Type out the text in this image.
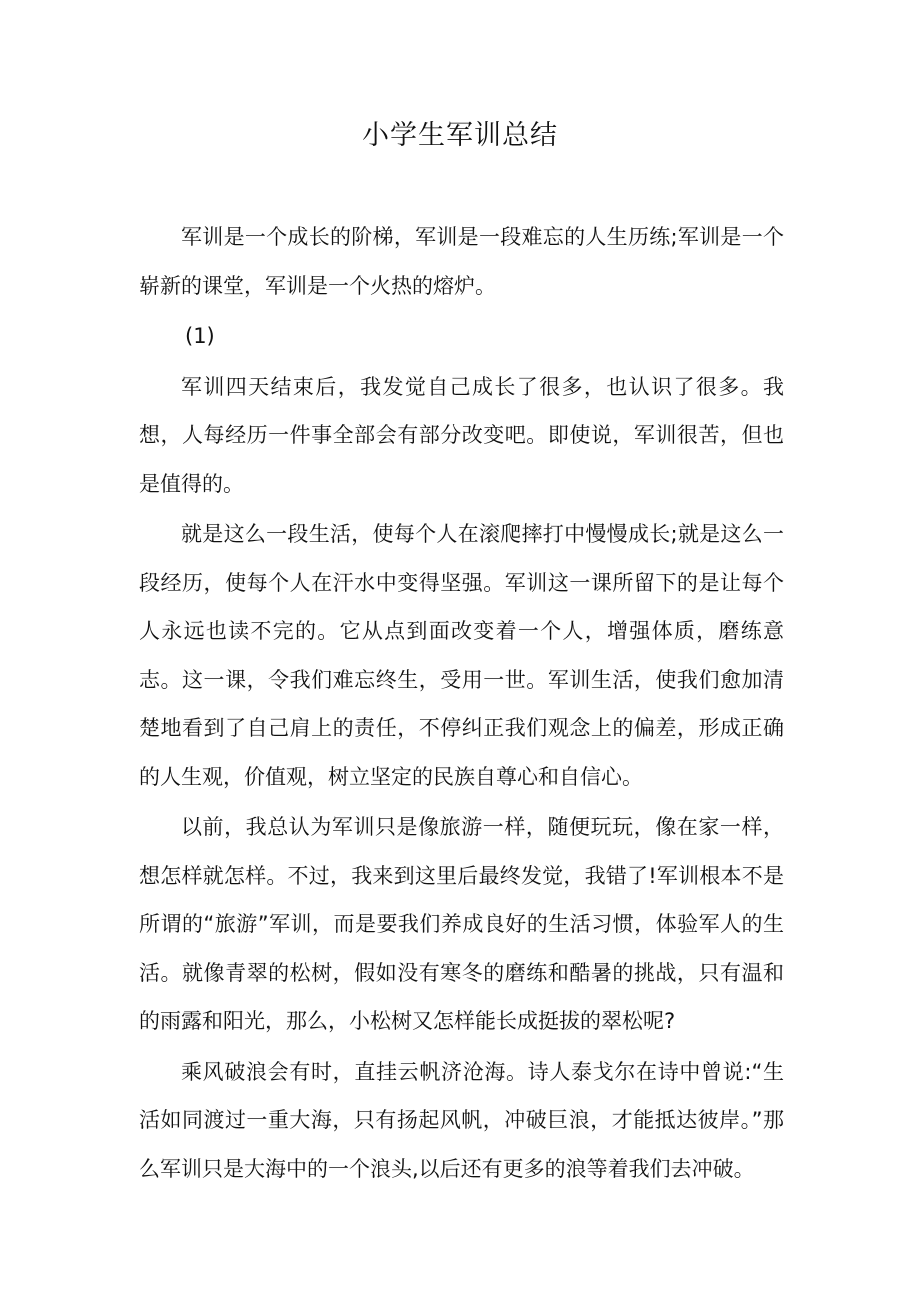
小学生军训总结

军训是一个成长的阶梯，军训是一段难忘的人生历练;军训是一个崭新的课堂，军训是一个火热的熔炉。

(1)

军训四天结束后，我发觉自己成长了很多，也认识了很多。我想，人每经历一件事全部会有部分改变吧。即使说，军训很苦，但也是值得的。

就是这么一段生活，使每个人在滚爬摔打中慢慢成长;就是这么一段经历，使每个人在汗水中变得坚强。军训这一课所留下的是让每个人永远也读不完的。它从点到面改变着一个人，增强体质，磨练意志。这一课，令我们难忘终生，受用一世。军训生活，使我们愈加清楚地看到了自己肩上的责任，不停纠正我们观念上的偏差，形成正确的人生观，价值观，树立坚定的民族自尊心和自信心。

以前，我总认为军训只是像旅游一样，随便玩玩，像在家一样，想怎样就怎样。不过，我来到这里后最终发觉，我错了!军训根本不是所谓的“旅游”军训，而是要我们养成良好的生活习惯，体验军人的生活。就像青翠的松树，假如没有寒冬的磨练和酷暑的挑战，只有温和的雨露和阳光，那么，小松树又怎样能长成挺拔的翠松呢?

乘风破浪会有时，直挂云帆济沧海。诗人泰戈尔在诗中曾说:“生活如同渡过一重大海，只有扬起风帆，冲破巨浪，才能抵达彼岸。”那么军训只是大海中的一个浪头,以后还有更多的浪等着我们去冲破。
